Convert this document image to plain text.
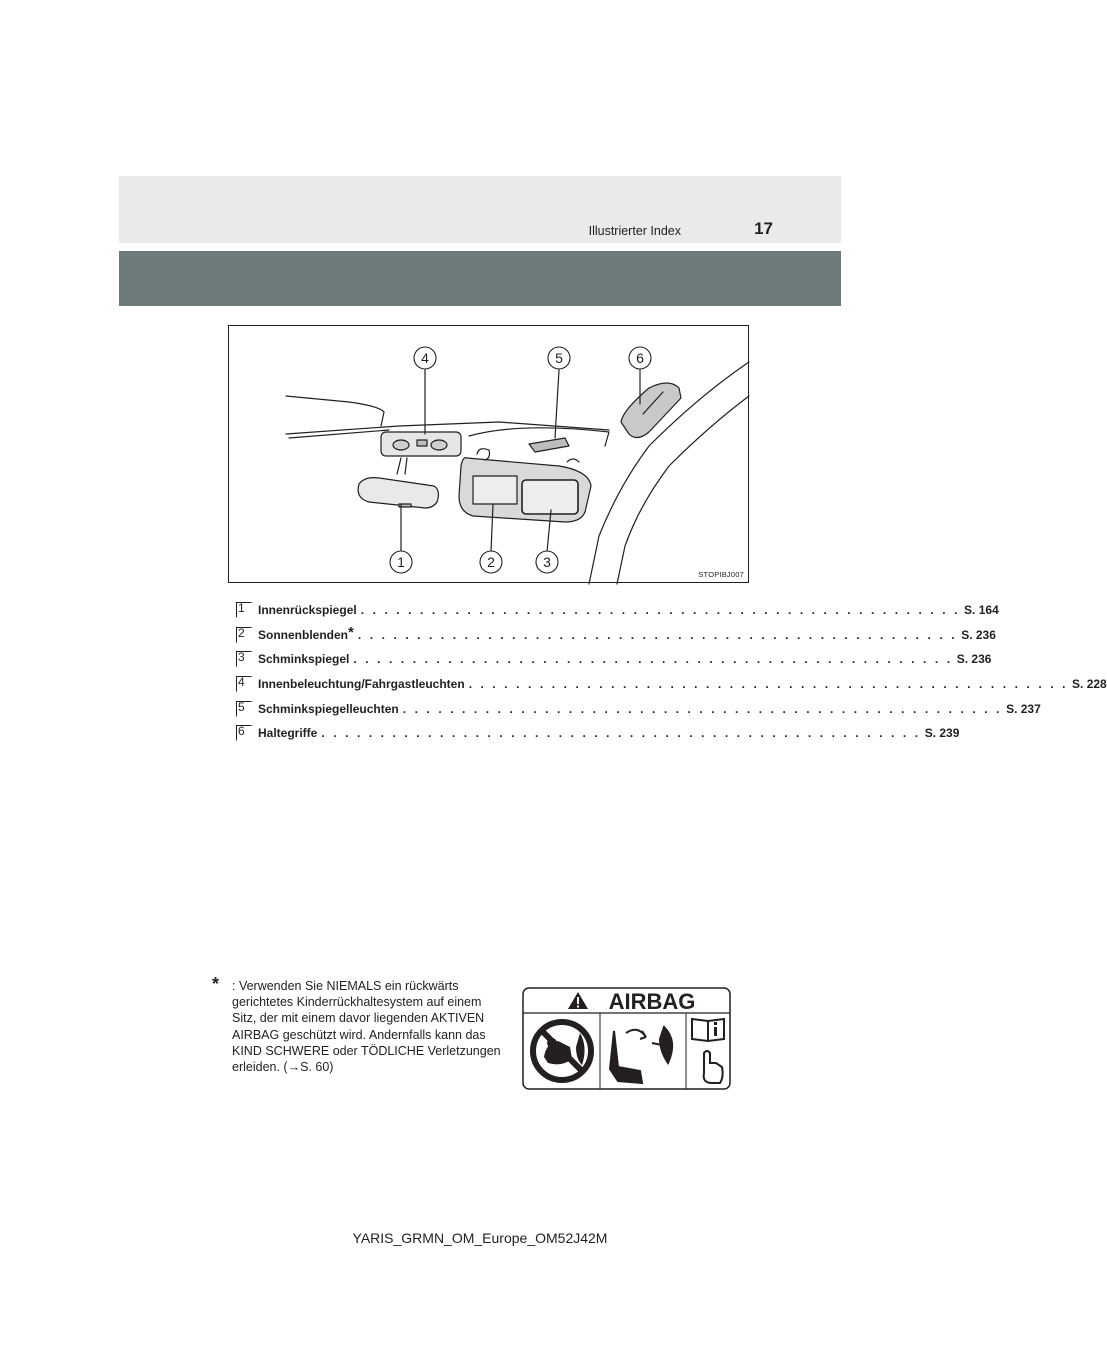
Illustrierter Index	17
4	5	6
1	2	3
STOPIBJ007
1 Innenrückspiegel . . . . . . . . . . . . . . . . . . . . . . . . . . . . . . . . . . . . . . . . . . . . . . . . . . . S. 164
2 Sonnenblenden* . . . . . . . . . . . . . . . . . . . . . . . . . . . . . . . . . . . . . . . . . . . . . . . . . . . S. 236
3 Schminkspiegel . . . . . . . . . . . . . . . . . . . . . . . . . . . . . . . . . . . . . . . . . . . . . . . . . . . S. 236
4 Innenbeleuchtung/Fahrgastleuchten . . . . . . . . . . . . . . . . . . . . . . . . . . . . . . . . . . . . . . . . . . . . . . . . . . . S. 228
5 Schminkspiegelleuchten . . . . . . . . . . . . . . . . . . . . . . . . . . . . . . . . . . . . . . . . . . . . . . . . . . . S. 237
6 Haltegriffe . . . . . . . . . . . . . . . . . . . . . . . . . . . . . . . . . . . . . . . . . . . . . . . . . . . S. 239
*	: Verwenden Sie NIEMALS ein rückwärts gerichtetes Kinderrückhaltesystem auf einem Sitz, der mit einem davor liegenden AKTIVEN AIRBAG geschützt wird. Andernfalls kann das KIND SCHWERE oder TÖDLICHE Verletzungen erleiden. (→S. 60)
AIRBAG
YARIS_GRMN_OM_Europe_OM52J42M
